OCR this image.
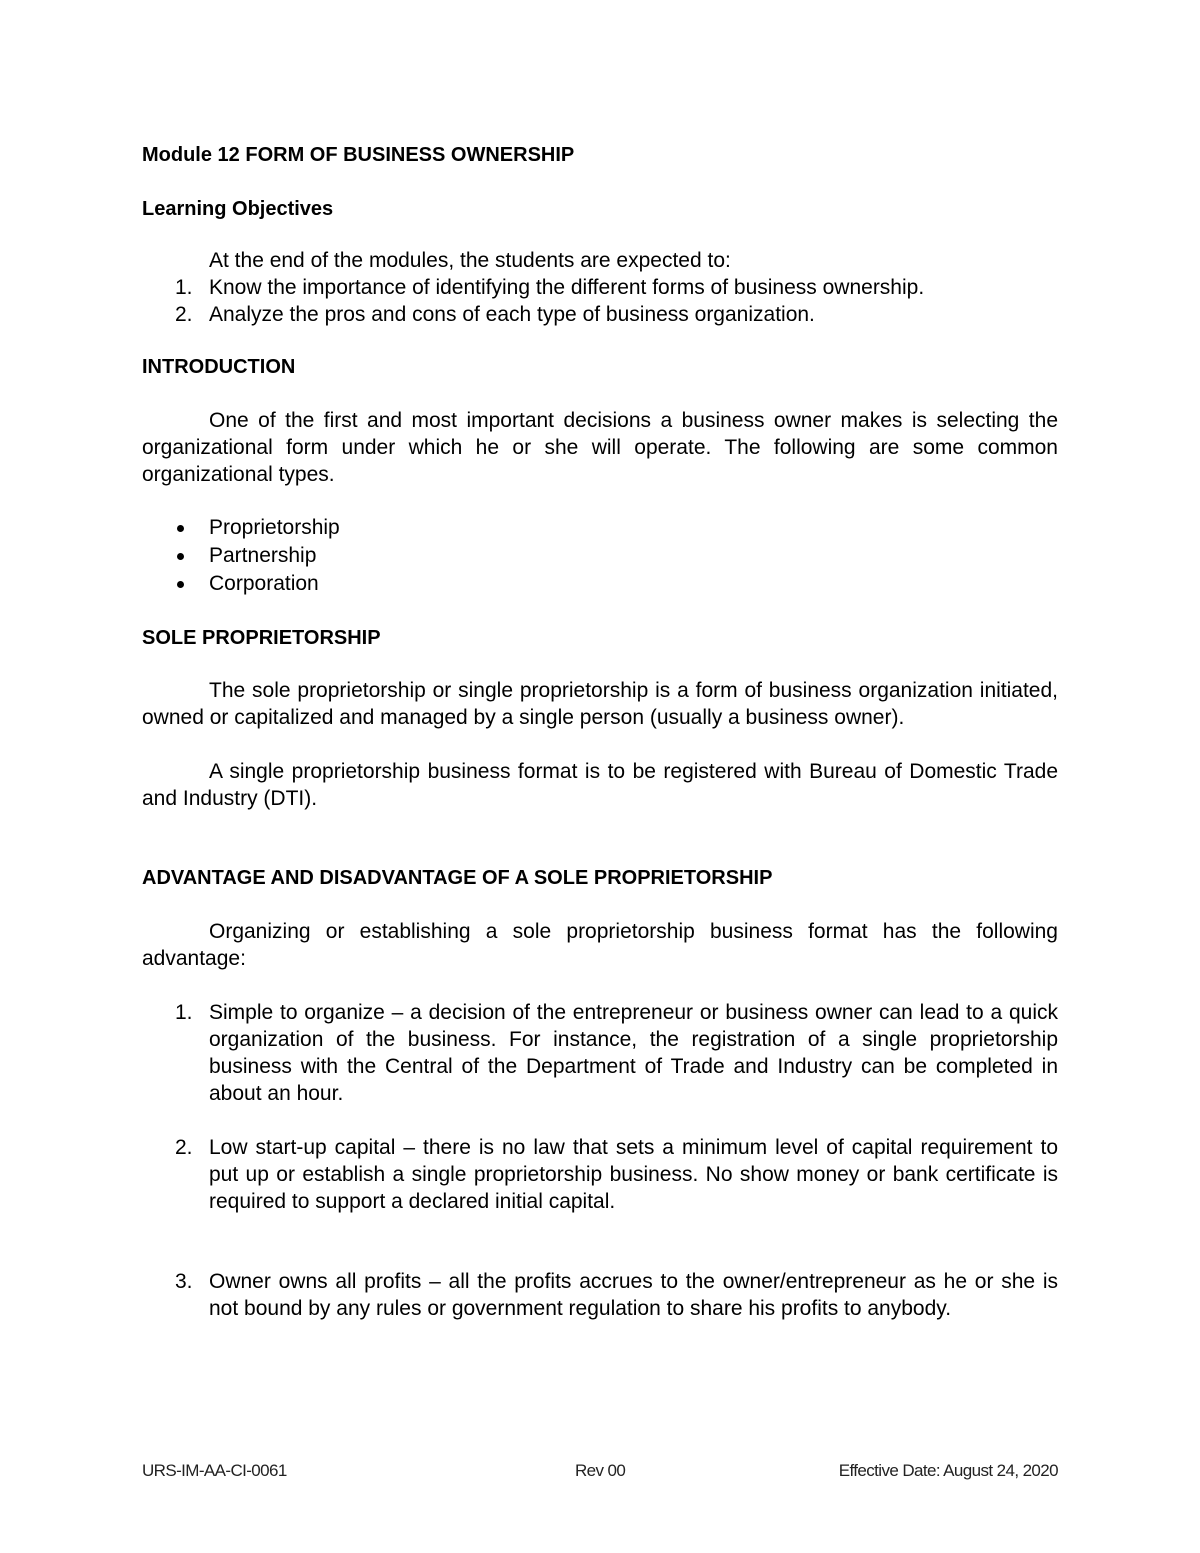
Module 12 FORM OF BUSINESS OWNERSHIP

Learning Objectives

At the end of the modules, the students are expected to:

1. Know the importance of identifying the different forms of business ownership.
2. Analyze the pros and cons of each type of business organization.

INTRODUCTION

One of the first and most important decisions a business owner makes is selecting the organizational form under which he or she will operate. The following are some common organizational types.

Proprietorship
Partnership
Corporation

SOLE PROPRIETORSHIP

The sole proprietorship or single proprietorship is a form of business organization initiated, owned or capitalized and managed by a single person (usually a business owner).

A single proprietorship business format is to be registered with Bureau of Domestic Trade and Industry (DTI).

ADVANTAGE AND DISADVANTAGE OF A SOLE PROPRIETORSHIP

Organizing or establishing a sole proprietorship business format has the following advantage:

1. Simple to organize – a decision of the entrepreneur or business owner can lead to a quick organization of the business. For instance, the registration of a single proprietorship business with the Central of the Department of Trade and Industry can be completed in about an hour.
2. Low start-up capital – there is no law that sets a minimum level of capital requirement to put up or establish a single proprietorship business. No show money or bank certificate is required to support a declared initial capital.
3. Owner owns all profits – all the profits accrues to the owner/entrepreneur as he or she is not bound by any rules or government regulation to share his profits to anybody.
URS-IM-AA-CI-0061	Rev 00	Effective Date: August 24, 2020
